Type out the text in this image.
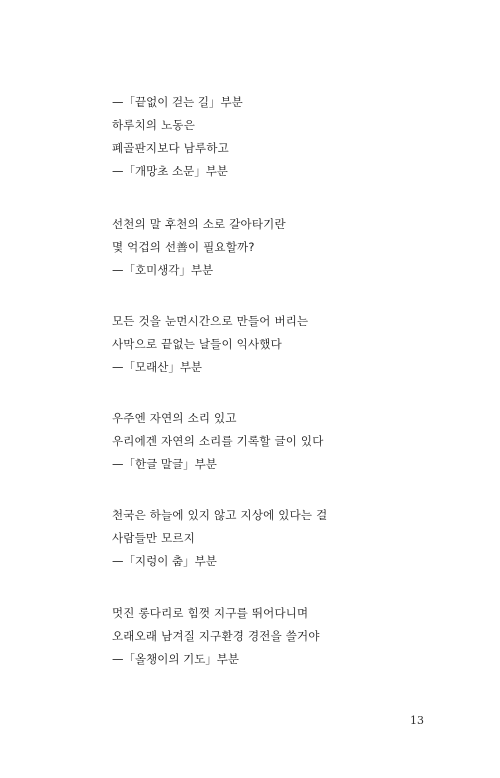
—「끝없이 걷는 길」부분
하루치의 노동은
폐골판지보다 남루하고
—「개망초 소문」부분
선천의 말 후천의 소로 갈아타기란
몇 억겁의 선善이 필요할까?
—「호미생각」부분
모든 것을 눈먼시간으로 만들어 버리는
사막으로 끝없는 날들이 익사했다
—「모래산」부분
우주엔 자연의 소리 있고
우리에겐 자연의 소리를 기록할 글이 있다
—「한글 말글」부분
천국은 하늘에 있지 않고 지상에 있다는 걸
사람들만 모르지
—「지렁이 춤」부분
멋진 롱다리로 힘껏 지구를 뛰어다니며
오래오래 남겨질 지구환경 경전을 쓸거야
—「올챙이의 기도」부분
13
